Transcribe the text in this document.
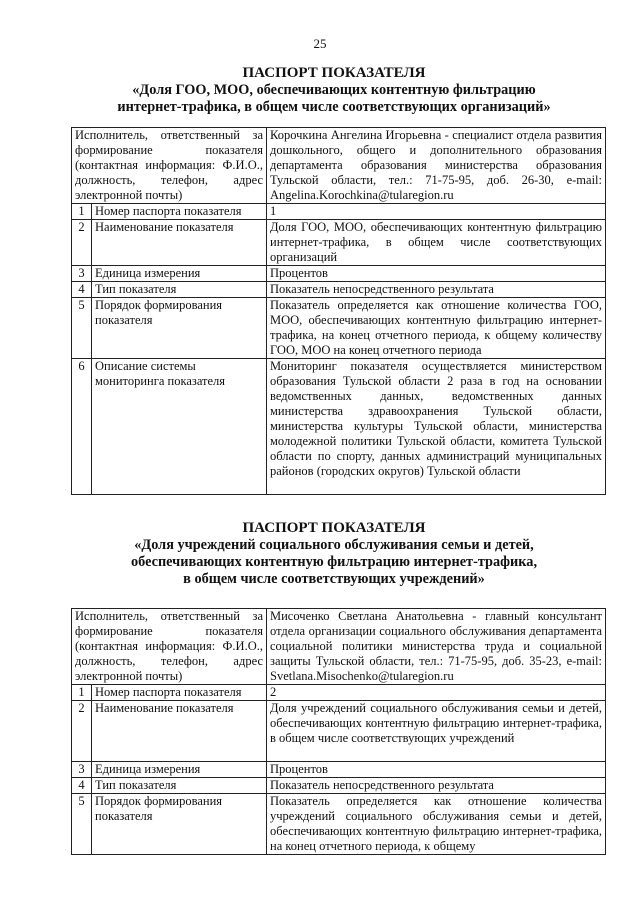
25
ПАСПОРТ ПОКАЗАТЕЛЯ
«Доля ГОО, МОО, обеспечивающих контентную фильтрацию
интернет-трафика, в общем числе соответствующих организаций»
Исполнитель, ответственный за формирование показателя (контактная информация: Ф.И.О., должность, телефон, адрес электронной почты)		Корочкина Ангелина Игорьевна - специалист отдела развития дошкольного, общего и дополнительного образования департамента образования министерства образования Тульской области, тел.: 71-75-95, доб. 26-30, e-mail: Angelina.Korochkina@tularegion.ru
1	Номер паспорта показателя	1
2	Наименование показателя	Доля ГОО, МОО, обеспечивающих контентную фильтрацию интернет-трафика, в общем числе соответствующих организаций
3	Единица измерения	Процентов
4	Тип показателя	Показатель непосредственного результата
5	Порядок формирования показателя	Показатель определяется как отношение количества ГОО, МОО, обеспечивающих контентную фильтрацию интернет-трафика, на конец отчетного периода, к общему количеству ГОО, МОО на конец отчетного периода
6	Описание системы мониторинга показателя	Мониторинг показателя осуществляется министерством образования Тульской области 2 раза в год на основании ведомственных данных, ведомственных данных министерства здравоохранения Тульской области, министерства культуры Тульской области, министерства молодежной политики Тульской области, комитета Тульской области по спорту, данных администраций муниципальных районов (городских округов) Тульской области
ПАСПОРТ ПОКАЗАТЕЛЯ
«Доля учреждений социального обслуживания семьи и детей,
обеспечивающих контентную фильтрацию интернет-трафика,
в общем числе соответствующих учреждений»
Исполнитель, ответственный за формирование показателя (контактная информация: Ф.И.О., должность, телефон, адрес электронной почты)		Мисоченко Светлана Анатольевна - главный консультант отдела организации социального обслуживания департамента социальной политики министерства труда и социальной защиты Тульской области, тел.: 71-75-95, доб. 35-23, e-mail: Svetlana.Misochenko@tularegion.ru
1	Номер паспорта показателя	2
2	Наименование показателя	Доля учреждений социального обслуживания семьи и детей, обеспечивающих контентную фильтрацию интернет-трафика, в общем числе соответствующих учреждений
3	Единица измерения	Процентов
4	Тип показателя	Показатель непосредственного результата
5	Порядок формирования показателя	Показатель определяется как отношение количества учреждений социального обслуживания семьи и детей, обеспечивающих контентную фильтрацию интернет-трафика, на конец отчетного периода, к общему
